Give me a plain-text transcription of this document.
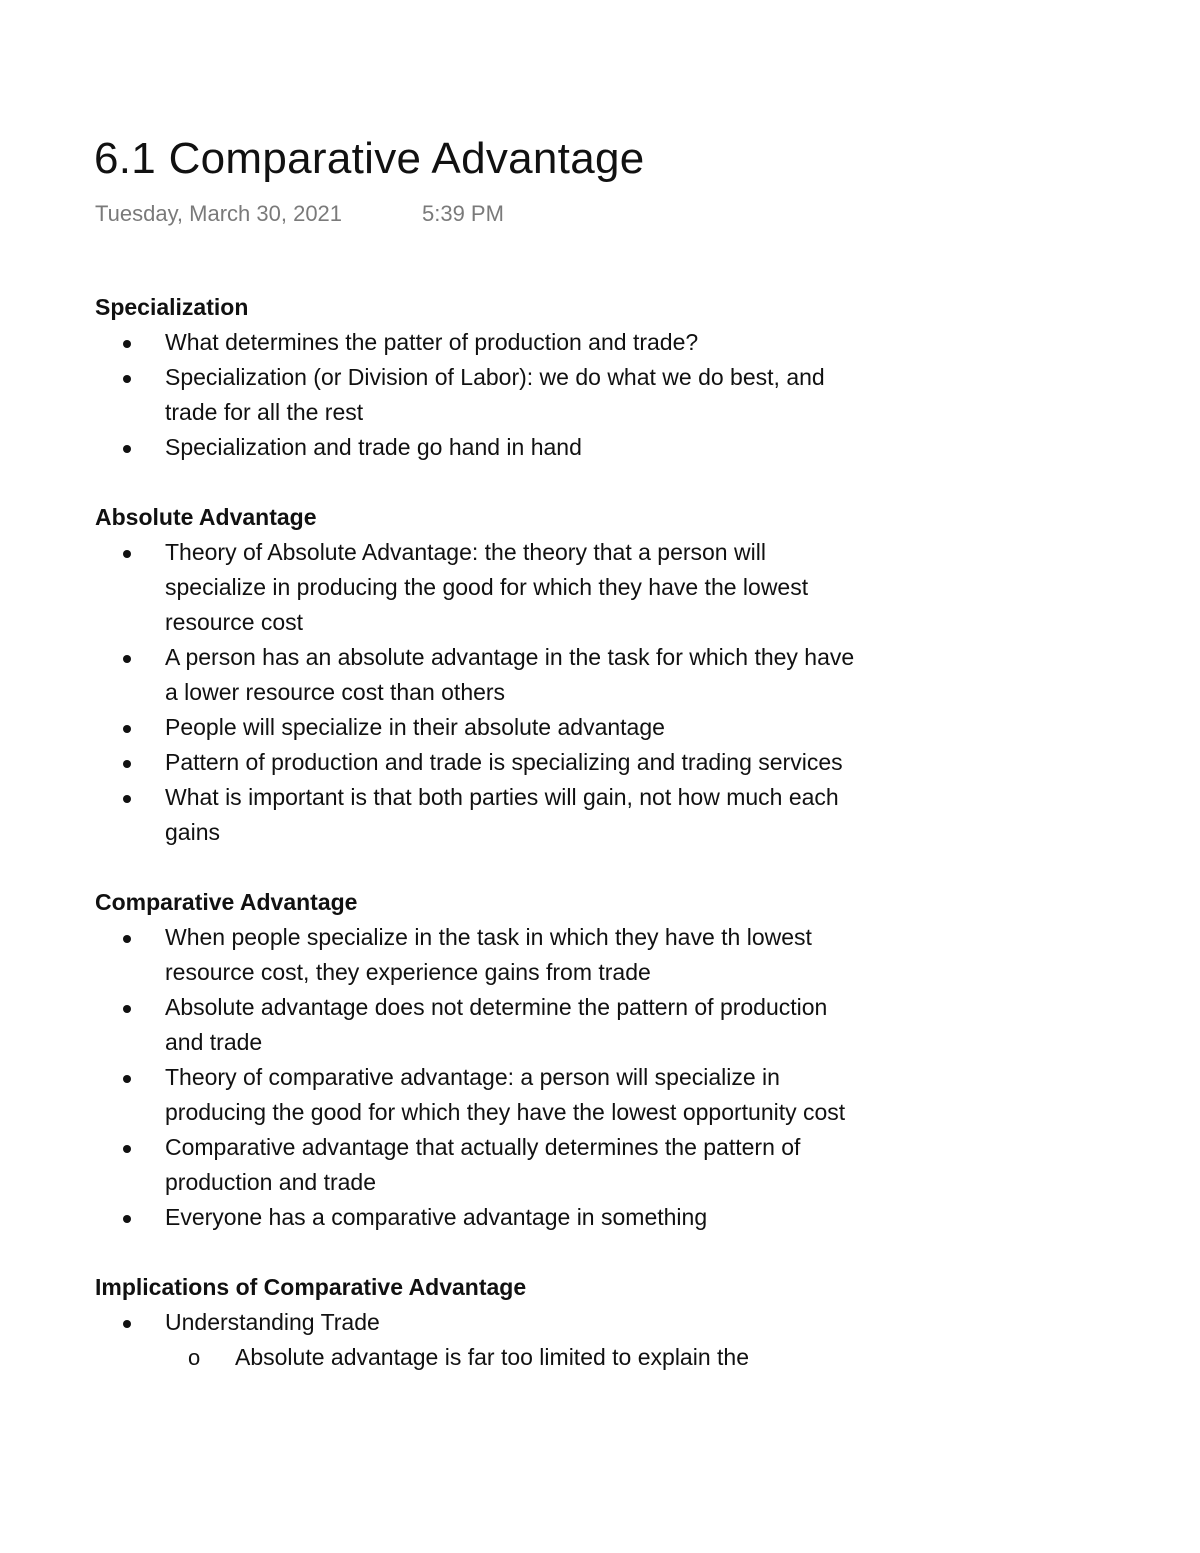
6.1 Comparative Advantage
Tuesday, March 30, 2021	5:39 PM

Specialization

What determines the patter of production and trade?
Specialization (or Division of Labor): we do what we do best, and trade for all the rest
Specialization and trade go hand in hand

Absolute Advantage

Theory of Absolute Advantage: the theory that a person will specialize in producing the good for which they have the lowest resource cost
A person has an absolute advantage in the task for which they have a lower resource cost than others
People will specialize in their absolute advantage
Pattern of production and trade is specializing and trading services
What is important is that both parties will gain, not how much each gains

Comparative Advantage

When people specialize in the task in which they have th lowest resource cost, they experience gains from trade
Absolute advantage does not determine the pattern of production and trade
Theory of comparative advantage: a person will specialize in producing the good for which they have the lowest opportunity cost
Comparative advantage that actually determines the pattern of production and trade
Everyone has a comparative advantage in something

Implications of Comparative Advantage

Understanding Trade
o Absolute advantage is far too limited to explain the
